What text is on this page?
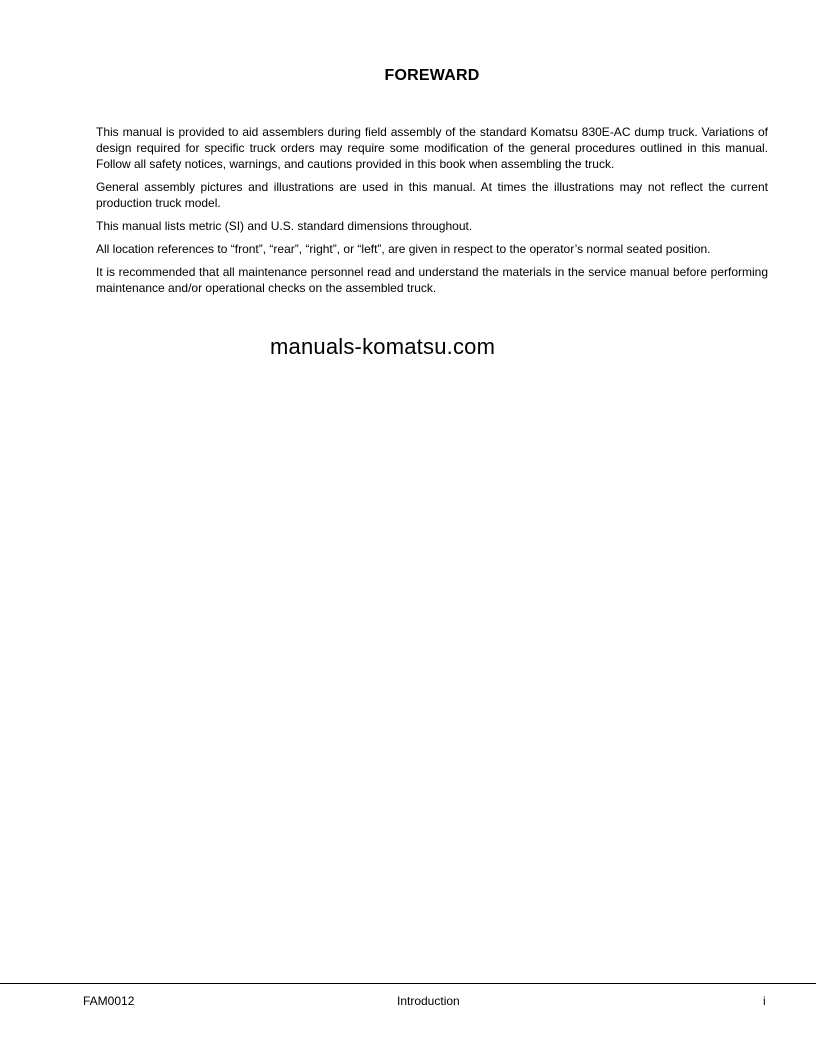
FOREWARD

This manual is provided to aid assemblers during field assembly of the standard Komatsu 830E-AC dump truck. Variations of design required for specific truck orders may require some modification of the general procedures outlined in this manual. Follow all safety notices, warnings, and cautions provided in this book when assembling the truck.

General assembly pictures and illustrations are used in this manual. At times the illustrations may not reflect the current production truck model.

This manual lists metric (SI) and U.S. standard dimensions throughout.

All location references to “front”, “rear”, “right”, or “left”, are given in respect to the operator’s normal seated position.

It is recommended that all maintenance personnel read and understand the materials in the service manual before performing maintenance and/or operational checks on the assembled truck.

manuals-komatsu.com
FAM0012	Introduction	i
